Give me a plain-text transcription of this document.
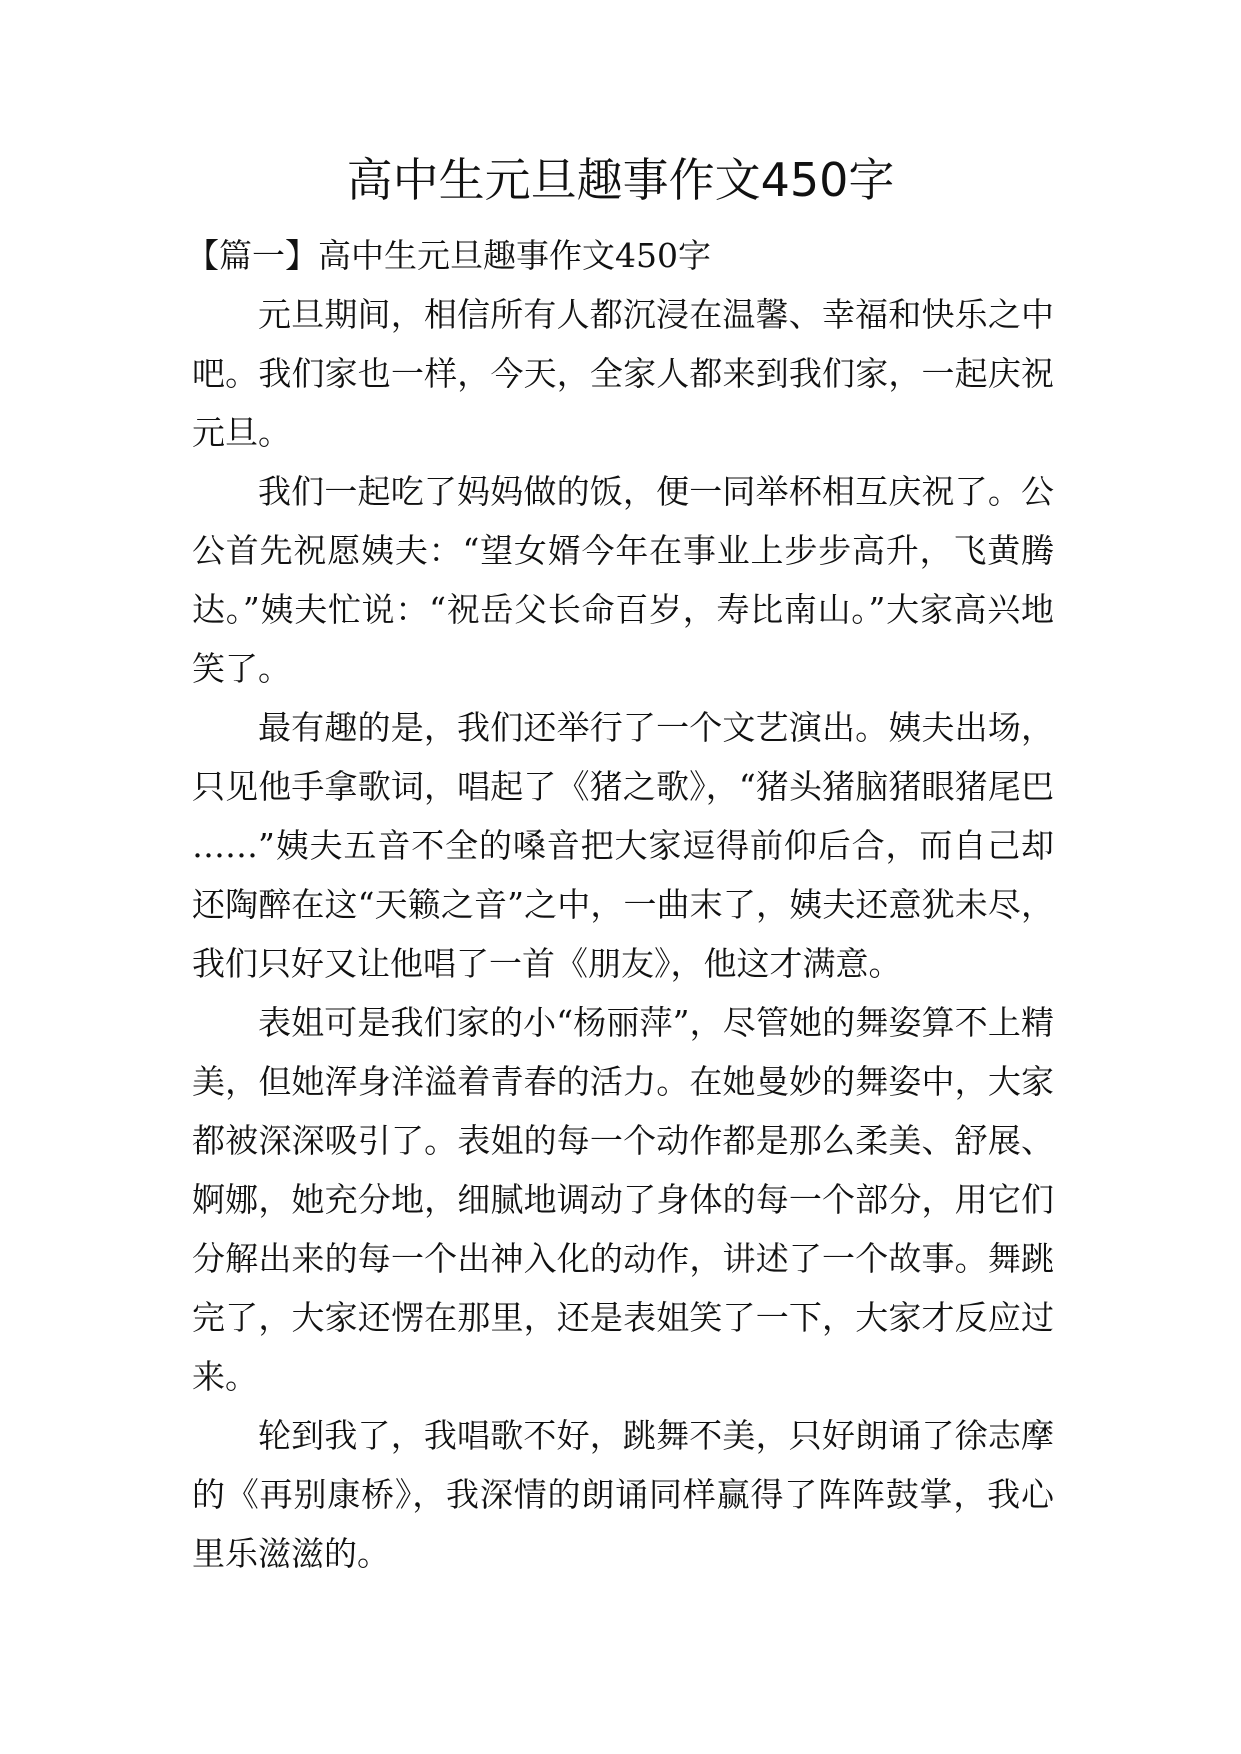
高中生元旦趣事作文450字

【篇一】高中生元旦趣事作文450字

元旦期间，相信所有人都沉浸在温馨、幸福和快乐之中吧。我们家也一样，今天，全家人都来到我们家，一起庆祝元旦。

我们一起吃了妈妈做的饭，便一同举杯相互庆祝了。公公首先祝愿姨夫：“望女婿今年在事业上步步高升，飞黄腾达。”姨夫忙说：“祝岳父长命百岁，寿比南山。”大家高兴地笑了。

最有趣的是，我们还举行了一个文艺演出。姨夫出场，只见他手拿歌词，唱起了《猪之歌》，“猪头猪脑猪眼猪尾巴……”姨夫五音不全的嗓音把大家逗得前仰后合，而自己却还陶醉在这“天籁之音”之中，一曲末了，姨夫还意犹未尽，我们只好又让他唱了一首《朋友》，他这才满意。

表姐可是我们家的小“杨丽萍”，尽管她的舞姿算不上精美，但她浑身洋溢着青春的活力。在她曼妙的舞姿中，大家都被深深吸引了。表姐的每一个动作都是那么柔美、舒展、婀娜，她充分地，细腻地调动了身体的每一个部分，用它们分解出来的每一个出神入化的动作，讲述了一个故事。舞跳完了，大家还愣在那里，还是表姐笑了一下，大家才反应过来。

轮到我了，我唱歌不好，跳舞不美，只好朗诵了徐志摩的《再别康桥》，我深情的朗诵同样赢得了阵阵鼓掌，我心里乐滋滋的。
